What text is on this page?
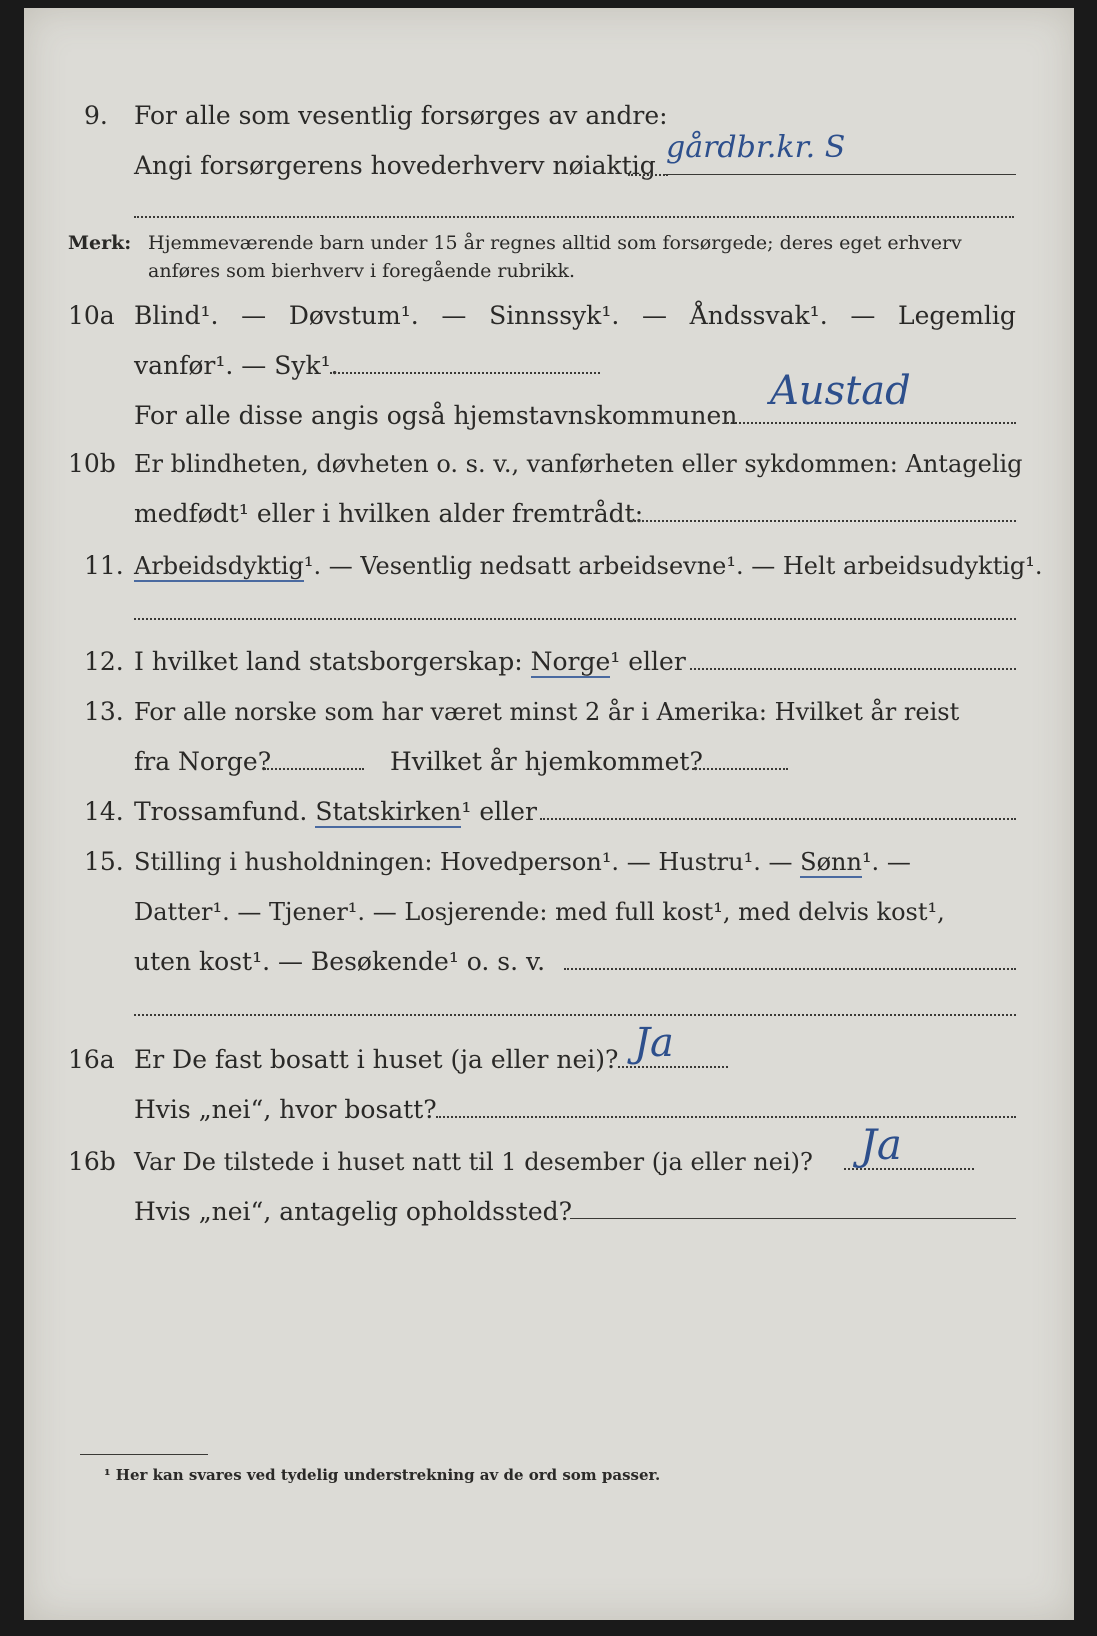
9. For alle som vesentlig forsørges av andre:
Angi forsørgerens hovederhverv nøiaktig
gårdbr.kr. S
Merk: Hjemmeværende barn under 15 år regnes alltid som forsørgede; deres eget erhverv
anføres som bierhverv i foregående rubrikk.
10a Blind¹. — Døvstum¹. — Sinnssyk¹. — Åndssvak¹. — Legemlig
vanfør¹. — Syk¹.
For alle disse angis også hjemstavnskommunen
Austad
10b Er blindheten, døvheten o. s. v., vanførheten eller sykdommen: Antagelig
medfødt¹ eller i hvilken alder fremtrådt:
11. Arbeidsdyktig¹. — Vesentlig nedsatt arbeidsevne¹. — Helt arbeidsudyktig¹.
12. I hvilket land statsborgerskap: Norge¹ eller
13. For alle norske som har været minst 2 år i Amerika: Hvilket år reist
fra Norge?	Hvilket år hjemkommet?
14. Trossamfund. Statskirken¹ eller
15. Stilling i husholdningen: Hovedperson¹. — Hustru¹. — Sønn¹. —
Datter¹. — Tjener¹. — Losjerende: med full kost¹, med delvis kost¹,
uten kost¹. — Besøkende¹ o. s. v.
16a Er De fast bosatt i huset (ja eller nei)? Ja
Hvis „nei“, hvor bosatt?
16b Var De tilstede i huset natt til 1 desember (ja eller nei)? Ja
Hvis „nei“, antagelig opholdssted?
¹ Her kan svares ved tydelig understrekning av de ord som passer.
